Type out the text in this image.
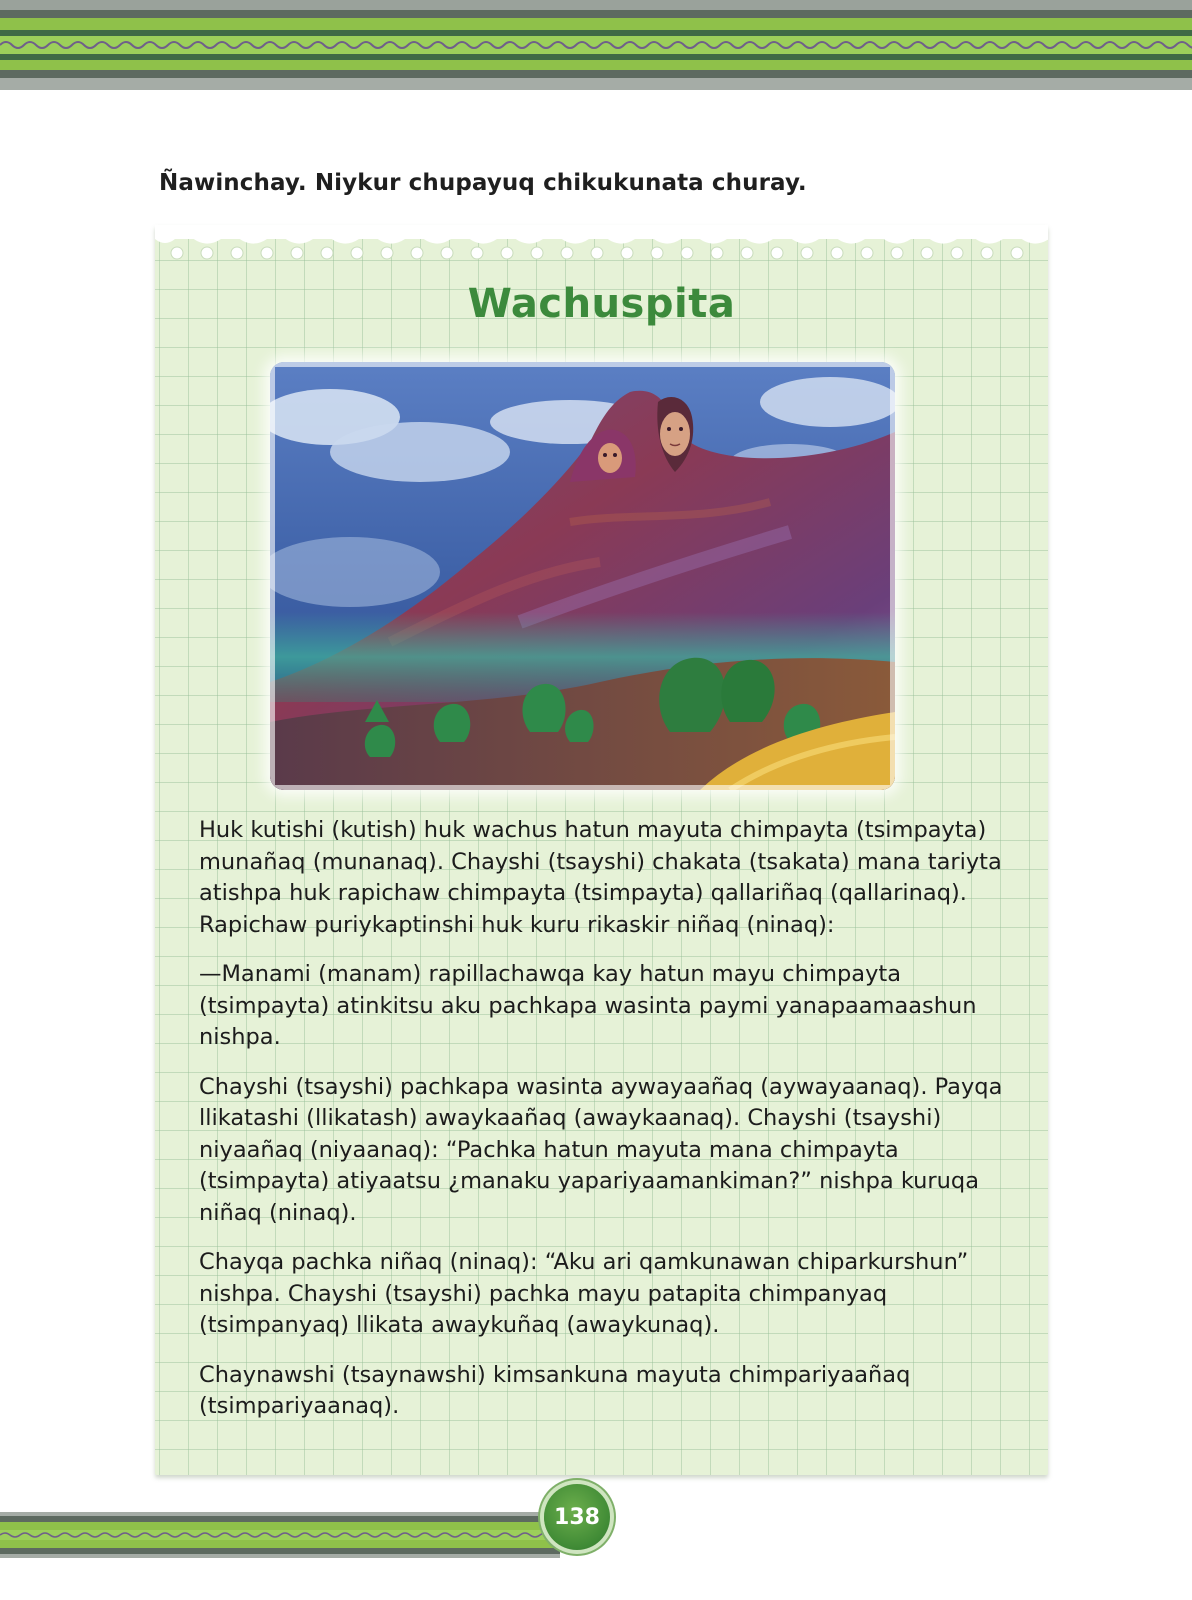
Ñawinchay. Niykur chupayuq chikukunata churay.

Wachuspita

Huk kutishi (kutish) huk wachus hatun mayuta chimpayta (tsimpayta) munañaq (munanaq). Chayshi (tsayshi) chakata (tsakata) mana tariyta atishpa huk rapichaw chimpayta (tsimpayta) qallariñaq (qallarinaq). Rapichaw puriykaptinshi huk kuru rikaskir niñaq (ninaq):

—Manami (manam) rapillachawqa kay hatun mayu chimpayta (tsimpayta) atinkitsu aku pachkapa wasinta paymi yanapaamaashun nishpa.

Chayshi (tsayshi) pachkapa wasinta aywayaañaq (aywayaanaq). Payqa llikatashi (llikatash) awaykaañaq (awaykaanaq). Chayshi (tsayshi) niyaañaq (niyaanaq): “Pachka hatun mayuta mana chimpayta (tsimpayta) atiyaatsu ¿manaku yapariyaamankiman?” nishpa kuruqa niñaq (ninaq).

Chayqa pachka niñaq (ninaq): “Aku ari qamkunawan chiparkurshun” nishpa. Chayshi (tsayshi) pachka mayu patapita chimpanyaq (tsimpanyaq) llikata awaykuñaq (awaykunaq).

Chaynawshi (tsaynawshi) kimsankuna mayuta chimpariyaañaq (tsimpariyaanaq).

138
